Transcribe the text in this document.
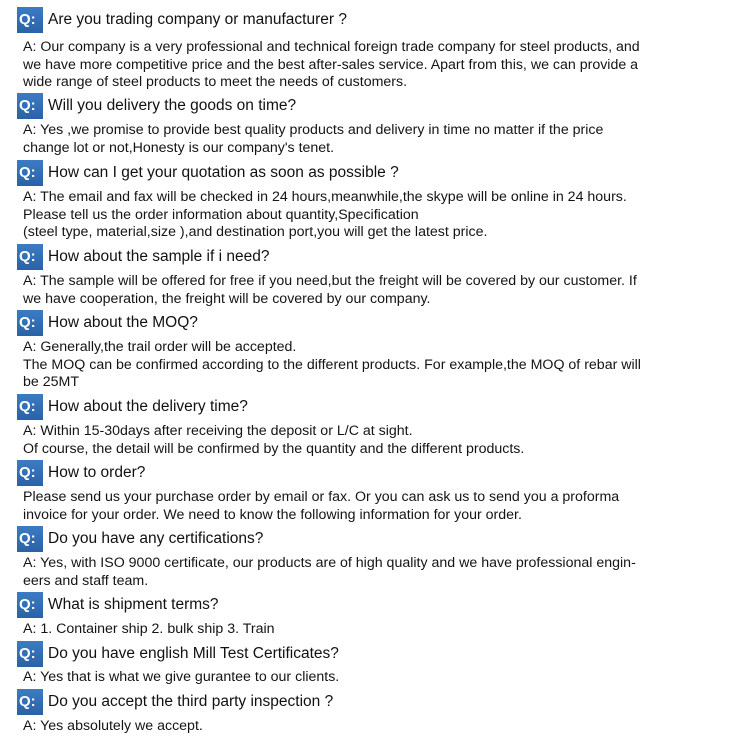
Q: Are you trading company or manufacturer ?
A: Our company is a very professional and technical foreign trade company for steel products, and
we have more competitive price and the best after-sales service. Apart from this, we can provide a
wide range of steel products to meet the needs of customers.
Q: Will you delivery the goods on time?
A: Yes ,we promise to provide best quality products and delivery in time no matter if the price
change lot or not,Honesty is our company's tenet.
Q: How can I get your quotation as soon as possible ?
A: The email and fax will be checked in 24 hours,meanwhile,the skype will be online in 24 hours.
Please tell us the order information about quantity,Specification
(steel type, material,size ),and destination port,you will get the latest price.
Q: How about the sample if i need?
A: The sample will be offered for free if you need,but the freight will be covered by our customer. If
we have cooperation, the freight will be covered by our company.
Q: How about the MOQ?
A: Generally,the trail order will be accepted.
The MOQ can be confirmed according to the different products. For example,the MOQ of rebar will
be 25MT
Q: How about the delivery time?
A: Within 15-30days after receiving the deposit or L/C at sight.
Of course, the detail will be confirmed by the quantity and the different products.
Q: How to order?
Please send us your purchase order by email or fax. Or you can ask us to send you a proforma
invoice for your order. We need to know the following information for your order.
Q: Do you have any certifications?
A: Yes, with ISO 9000 certificate, our products are of high quality and we have professional engin-
eers and staff team.
Q: What is shipment terms?
A: 1. Container ship 2. bulk ship 3. Train
Q: Do you have english Mill Test Certificates?
A: Yes that is what we give gurantee to our clients.
Q: Do you accept the third party inspection ?
A: Yes absolutely we accept.
